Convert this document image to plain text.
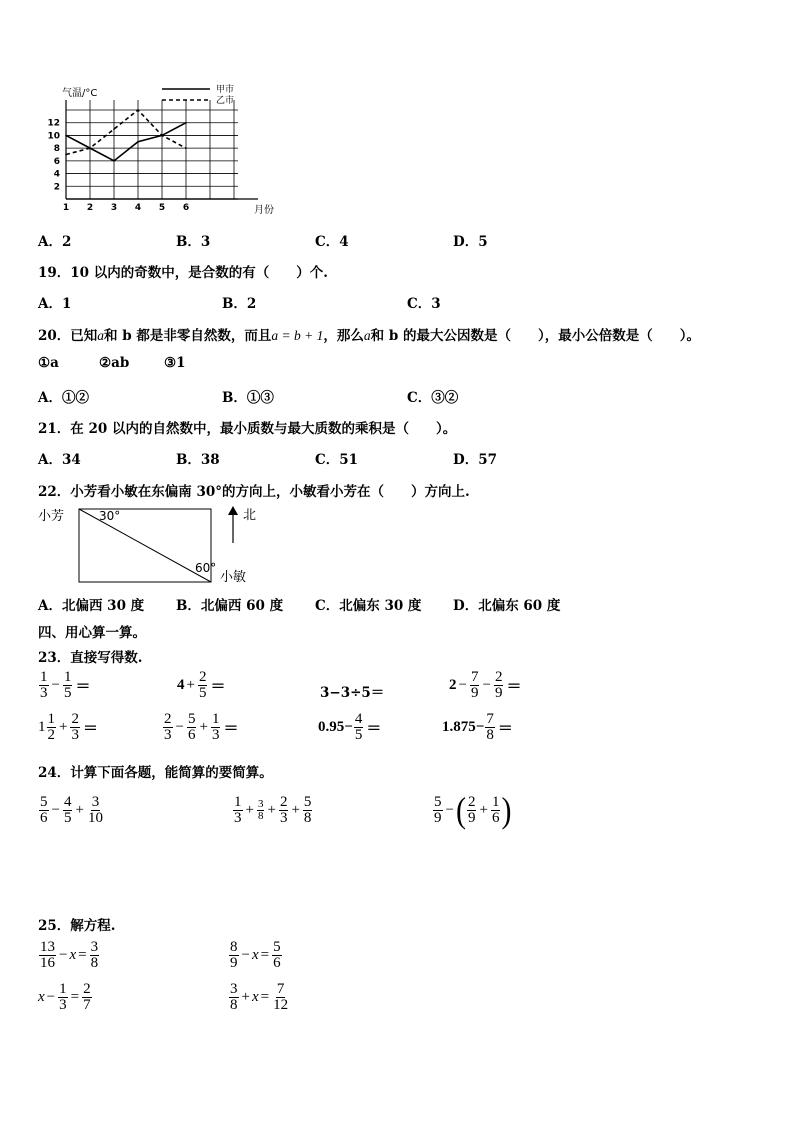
2
4
6
8
10
12
1 2 3 4 5 6
气温/°C
月份
甲市
乙市
A．2	B．3	C．4	D．5
19．10 以内的奇数中，是合数的有（　　）个.
A．1	B．2	C．3
20．已知a和 b 都是非零自然数，而且a = b + 1，那么a和 b 的最大公因数是（　　），最小公倍数是（　　）。
①a	②ab	③1
A．①②	B．①③	C．③②
21．在 20 以内的自然数中，最小质数与最大质数的乘积是（　　）。
A．34	B．38	C．51	D．57
22．小芳看小敏在东偏南 30°的方向上，小敏看小芳在（　　）方向上.
小芳	30°
60°
小敏
北
A．北偏西 30 度 B．北偏西 60 度 C．北偏东 30 度 D．北偏东 60 度
四、用心算一算。
23．直接写得数.
$\frac{1}{3} - \frac{1}{5}$ ＝	$4 + \frac{2}{5}$ ＝	3−3÷5＝	$2 - \frac{7}{9} - \frac{2}{9}$ ＝
$1 \frac{1}{2} + \frac{2}{3}$ ＝	$\frac{2}{3} - \frac{5}{6} + \frac{1}{3}$ ＝	$0.95- \frac{4}{5}$ ＝	$1.875- \frac{7}{8}$ ＝
24．计算下面各题，能简算的要简算。
$\frac{5}{6} - \frac{4}{5} + \frac{3}{10}$	$\frac{1}{3} + \frac{3}{8} + \frac{2}{3} + \frac{5}{8}$	$\frac{5}{9}$ − ( $\frac{2}{9} + \frac{1}{6}$ )
25．解方程.
$\frac{13}{16} - x = \frac{3}{8}$	$\frac{8}{9} - x = \frac{5}{6}$
$x - \frac{1}{3} = \frac{2}{7}$	$\frac{3}{8} + x = \frac{7}{12}$
